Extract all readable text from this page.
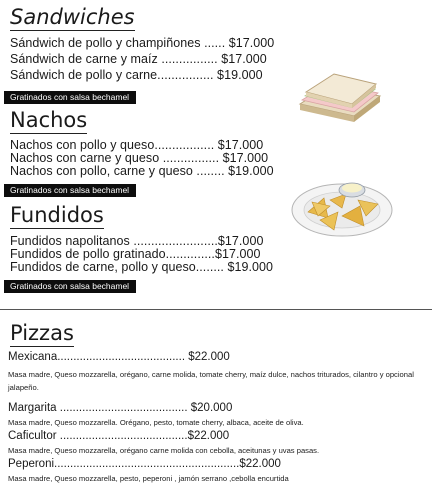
Sandwiches
Sándwich de pollo y champiñones ...... $17.000
Sándwich de carne y maíz ................ $17.000
Sándwich de pollo y carne................ $19.000
Gratinados con salsa bechamel
Nachos
Nachos con pollo y queso................. $17.000
Nachos con carne y queso ................ $17.000
Nachos con pollo, carne y queso ........ $19.000
Gratinados con salsa bechamel
Fundidos
Fundidos napolitanos ........................$17.000
Fundidos de pollo gratinado..............$17.000
Fundidos de carne, pollo y queso........ $19.000
Gratinados con salsa bechamel
Pizzas
Mexicana........................................ $22.000
Masa madre, Queso mozzarella, orégano, carne molida, tomate cherry, maíz dulce, nachos triturados, cilantro y opcional jalapeño.
Margarita ........................................ $20.000
Masa madre, Queso mozzarella. Orégano, pesto, tomate cherry, albaca, aceite de oliva.
Caficultor ........................................$22.000
Masa madre, Queso mozzarella, orégano carne molida con cebolla, aceitunas y uvas pasas.
Peperoni..........................................................$22.000
Masa madre, Queso mozzarella, pesto, peperoni , jamón serrano ,cebolla encurtida
